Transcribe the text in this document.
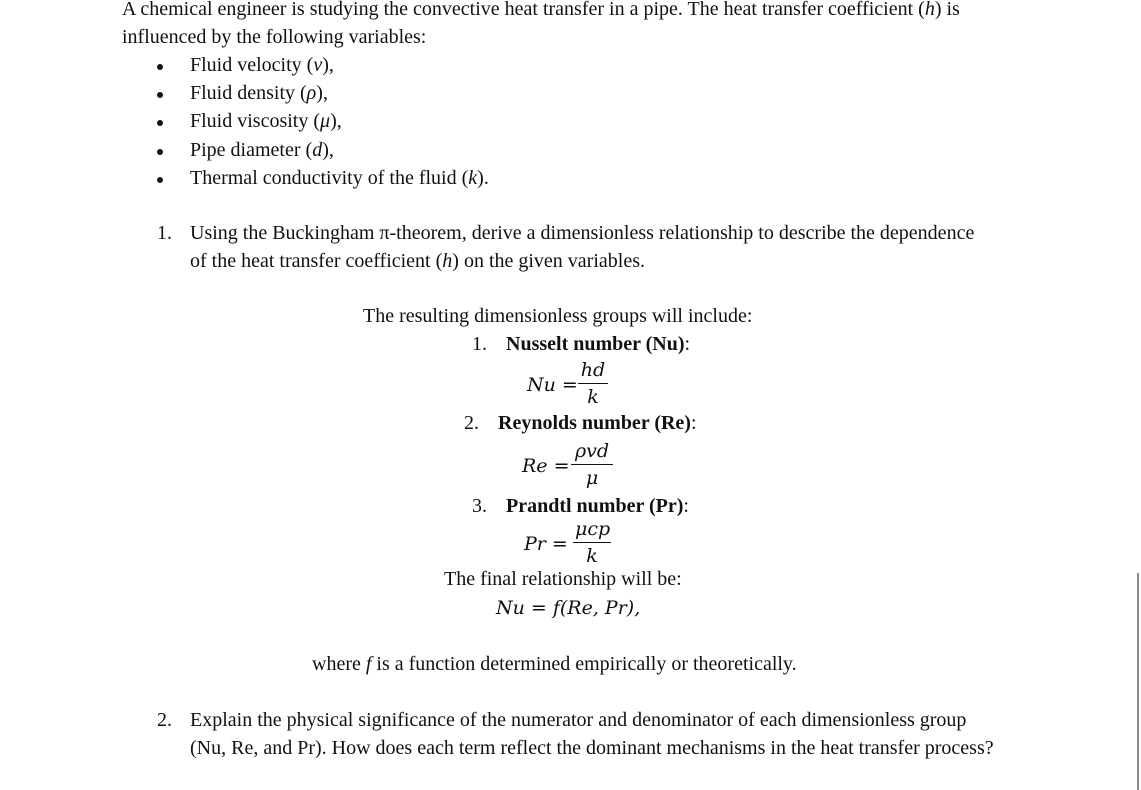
A chemical engineer is studying the convective heat transfer in a pipe. The heat transfer coefficient (h) is
influenced by the following variables:
Fluid velocity (v),
Fluid density (ρ),
Fluid viscosity (μ),
Pipe diameter (d),
Thermal conductivity of the fluid (k).
1. Using the Buckingham π-theorem, derive a dimensionless relationship to describe the dependence
of the heat transfer coefficient (h) on the given variables.
The resulting dimensionless groups will include:
1. Nusselt number (Nu):
Nu =
hd
k
2. Reynolds number (Re):
Re =
ρvd
μ
3. Prandtl number (Pr):
Pr =
μcp
k
The final relationship will be:
Nu = f(Re, Pr),
where f is a function determined empirically or theoretically.
2. Explain the physical significance of the numerator and denominator of each dimensionless group
(Nu, Re, and Pr). How does each term reflect the dominant mechanisms in the heat transfer process?
